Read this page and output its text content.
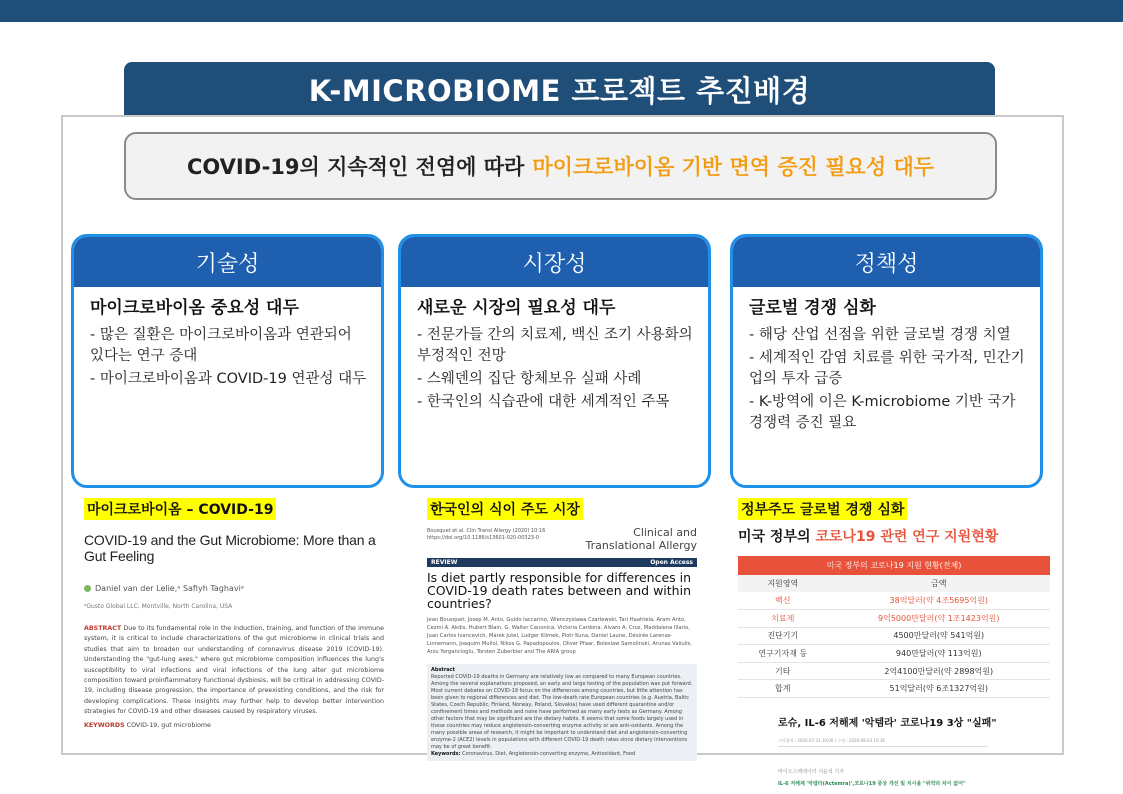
K-MICROBIOME 프로젝트 추진배경
COVID-19의 지속적인 전염에 따라 마이크로바이옴 기반 면역 증진 필요성 대두
기술성
마이크로바이옴 중요성 대두
- 많은 질환은 마이크로바이옴과 연관되어 있다는 연구 증대
- 마이크로바이옴과 COVID-19 연관성 대두
시장성
새로운 시장의 필요성 대두
- 전문가들 간의 치료제, 백신 조기 사용화의 부정적인 전망
- 스웨덴의 집단 항체보유 실패 사례
- 한국인의 식습관에 대한 세계적인 주목
정책성
글로벌 경쟁 심화
- 해당 산업 선점을 위한 글로벌 경쟁 치열
- 세계적인 감염 치료를 위한 국가적, 민간기업의 투자 급증
- K-방역에 이은 K-microbiome 기반 국가경쟁력 증진 필요
마이크로바이옴 – COVID-19	한국인의 식이 주도 시장	정부주도 글로벌 경쟁 심화
COVID-19 and the Gut Microbiome: More than a Gut Feeling
Daniel van der Lelie,ᵃ Safiyh Taghaviᵃ
ᵃGusto Global LLC, Montville, North Carolina, USA
ABSTRACT Due to its fundamental role in the induction, training, and function of the immune system, it is critical to include characterizations of the gut microbiome in clinical trials and studies that aim to broaden our understanding of coronavirus disease 2019 (COVID-19). Understanding the "gut-lung axes," where gut microbiome composition influences the lung's susceptibility to viral infections and viral infections of the lung alter gut microbiome composition toward proinflammatory functional dysbiosis, will be critical in addressing COVID-19, including disease progression, the importance of preexisting conditions, and the risk for developing complications. These insights may further help to develop better intervention strategies for COVID-19 and other diseases caused by respiratory viruses.
KEYWORDS COVID-19, gut microbiome
Bousquet et al. Clin Transl Allergy (2020) 10:16
https://doi.org/10.1186/s13601-020-00323-0	Clinical and
Translational Allergy
REVIEW	Open Access
Is diet partly responsible for differences in COVID-19 death rates between and within countries?
Jean Bousquet, Josep M. Anto, Guido Iaccarino, Wienczyslawa Czarlewski, Tari Haahtela, Aram Anto, Cezmi A. Akdis, Hubert Blain, G. Walter Canonica, Victoria Cardona, Alvaro A. Cruz, Maddalena Illario, Juan Carlos Ivancevich, Marek Jutel, Ludger Klimek, Piotr Kuna, Daniel Laune, Désirée Larenas-Linnemann, Joaquim Mullol, Nikos G. Papadopoulos, Oliver Pfaar, Boleslaw Samolinski, Arunas Valiulis, Arzu Yorgancioglu, Torsten Zuberbier and The ARIA group
Abstract
Reported COVID-19 deaths in Germany are relatively low as compared to many European countries. Among the several explanations proposed, an early and large testing of the population was put forward. Most current debates on COVID-19 focus on the differences among countries, but little attention has been given to regional differences and diet. The low-death rate European countries (e.g. Austria, Baltic States, Czech Republic, Finland, Norway, Poland, Slovakia) have used different quarantine and/or confinement times and methods and none have performed as many early tests as Germany. Among other factors that may be significant are the dietary habits. It seems that some foods largely used in these countries may reduce angiotensin-converting enzyme activity or are anti-oxidants. Among the many possible areas of research, it might be important to understand diet and angiotensin-converting enzyme-2 (ACE2) levels in populations with different COVID-19 death rates since dietary interventions may be of great benefit.
Keywords: Coronavirus, Diet, Angiotensin-converting enzyme, Antioxidant, Food
미국 정부의 코로나19 관련 연구 지원현황
미국 정부의 코로나19 지원 현황(전체)	
지원영역	금액
백신	38억달러(약 4조5695억원)
치료제	9억5000만달러(약 1조1423억원)
진단기기	4500만달러(약 541억원)
연구기자재 등	940만달러(약 113억원)
기타	2억4100만달러(약 2898억원)
합계	51억달러(약 6조1327억원)
로슈, IL-6 저해제 '악템라' 코로나19 3상 "실패"
기사입력 : 2020-07-31 10:00 | 수정 : 2020-08-03 10:36
바이오스펙테이터 서윤석 기자
IL-6 저해제 '악템라(Actemra)',코로나19 중상 개선 및 치사율 "위약과 차이 없어"
